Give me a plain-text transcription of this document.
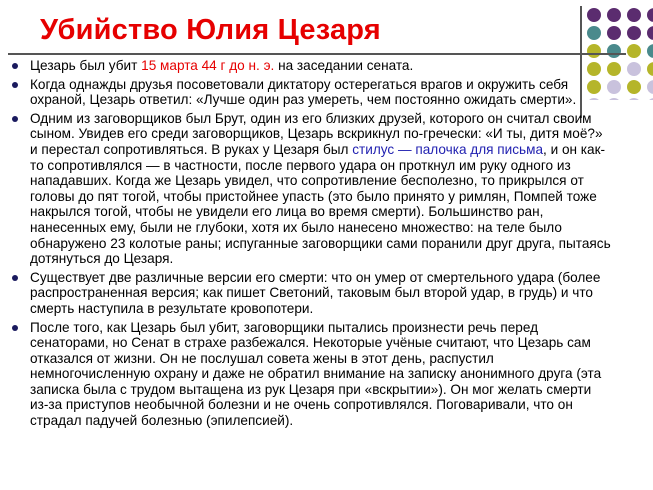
Убийство Юлия Цезаря
Цезарь был убит 15 марта 44 г до н. э. на заседании сената.
Когда однажды друзья посоветовали диктатору остерегаться врагов и окружить себя охраной, Цезарь ответил: «Лучше один раз умереть, чем постоянно ожидать смерти».
Одним из заговорщиков был Брут, один из его близких друзей, которого он считал своим сыном. Увидев его среди заговорщиков, Цезарь вскрикнул по-гречески: «И ты, дитя моё?» и перестал сопротивляться. В руках у Цезаря был стилус — палочка для письма, и он как-то сопротивлялся — в частности, после первого удара он проткнул им руку одного из нападавших. Когда же Цезарь увидел, что сопротивление бесполезно, то прикрылся от головы до пят тогой, чтобы пристойнее упасть (это было принято у римлян, Помпей тоже накрылся тогой, чтобы не увидели его лица во время смерти). Большинство ран, нанесенных ему, были не глубоки, хотя их было нанесено множество: на теле было обнаружено 23 колотые раны; испуганные заговорщики сами поранили друг друга, пытаясь дотянуться до Цезаря.
Существует две различные версии его смерти: что он умер от смертельного удара (более распространенная версия; как пишет Светоний, таковым был второй удар, в грудь) и что смерть наступила в результате кровопотери.
После того, как Цезарь был убит, заговорщики пытались произнести речь перед сенаторами, но Сенат в страхе разбежался. Некоторые учёные считают, что Цезарь сам отказался от жизни. Он не послушал совета жены в этот день, распустил немногочисленную охрану и даже не обратил внимание на записку анонимного друга (эта записка была с трудом вытащена из рук Цезаря при «вскрытии»). Он мог желать смерти из-за приступов необычной болезни и не очень сопротивлялся. Поговаривали, что он страдал падучей болезнью (эпилепсией).
